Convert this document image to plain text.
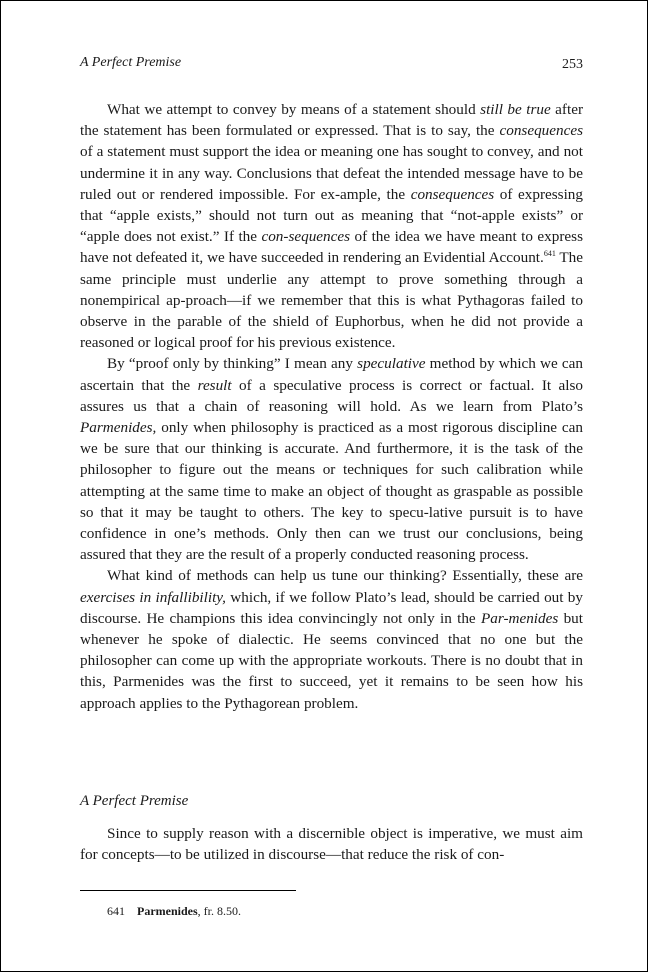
A Perfect Premise	253

What we attempt to convey by means of a statement should still be true after the statement has been formulated or expressed. That is to say, the consequences of a statement must support the idea or meaning one has sought to convey, and not undermine it in any way. Conclusions that defeat the intended message have to be ruled out or rendered impossible. For ex-ample, the consequences of expressing that “apple exists,” should not turn out as meaning that “not-apple exists” or “apple does not exist.” If the con-sequences of the idea we have meant to express have not defeated it, we have succeeded in rendering an Evidential Account.$^{641}$ The same principle must underlie any attempt to prove something through a nonempirical ap-proach—if we remember that this is what Pythagoras failed to observe in the parable of the shield of Euphorbus, when he did not provide a reasoned or logical proof for his previous existence.

By “proof only by thinking” I mean any speculative method by which we can ascertain that the result of a speculative process is correct or factual. It also assures us that a chain of reasoning will hold. As we learn from Plato’s Parmenides, only when philosophy is practiced as a most rigorous discipline can we be sure that our thinking is accurate. And furthermore, it is the task of the philosopher to figure out the means or techniques for such calibration while attempting at the same time to make an object of thought as graspable as possible so that it may be taught to others. The key to specu-lative pursuit is to have confidence in one’s methods. Only then can we trust our conclusions, being assured that they are the result of a properly conducted reasoning process.

What kind of methods can help us tune our thinking? Essentially, these are exercises in infallibility, which, if we follow Plato’s lead, should be carried out by discourse. He champions this idea convincingly not only in the Par-menides but whenever he spoke of dialectic. He seems convinced that no one but the philosopher can come up with the appropriate workouts. There is no doubt that in this, Parmenides was the first to succeed, yet it remains to be seen how his approach applies to the Pythagorean problem.

A Perfect Premise

Since to supply reason with a discernible object is imperative, we must aim for concepts—to be utilized in discourse—that reduce the risk of con-

641 Parmenides, fr. 8.50.
